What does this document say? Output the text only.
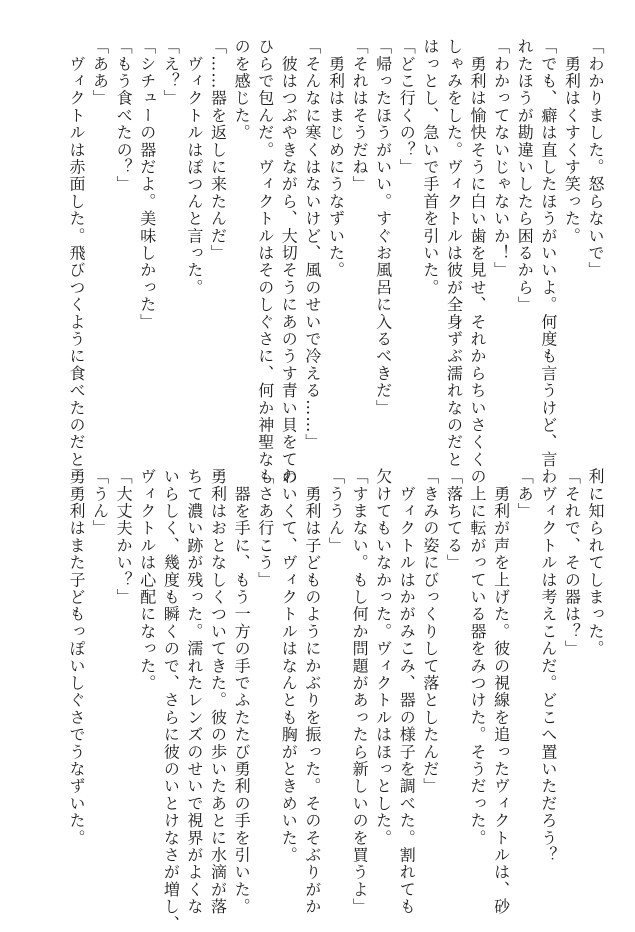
「わかりました。怒らないで」

　勇利はくすくす笑った。

「でも、癖は直したほうがいいよ。何度も言うけど、言わ

れたほうが勘違いしたら困るから」

「わかってないじゃないか！」

　勇利は愉快そうに白い歯を見せ、それからちいさくく

しゃみをした。ヴィクトルは彼が全身ずぶ濡れなのだと

はっとし、急いで手首を引いた。

「どこ行くの？」

「帰ったほうがいい。すぐお風呂に入るべきだ」

「それはそうだね」

　勇利はまじめにうなずいた。

「そんなに寒くはないけど、風のせいで冷える……」

　彼はつぶやきながら、大切そうにあのうす青い貝をての

ひらで包んだ。ヴィクトルはそのしぐさに、何か神聖なも

のを感じた。

「……器を返しに来たんだ」

　ヴィクトルはぽつんと言った。

「え？」

「シチューの器だよ。美味しかった」

「もう食べたの？」

「ああ」

　ヴィクトルは赤面した。飛びつくように食べたのだと勇

利に知られてしまった。

「それで、その器は？」

　ヴィクトルは考えこんだ。どこへ置いただろう？

「あ」

　勇利が声を上げた。彼の視線を追ったヴィクトルは、砂

の上に転がっている器をみつけた。そうだった。

「落ちてる」

「きみの姿にびっくりして落としたんだ」

　ヴィクトルはかがみこみ、器の様子を調べた。割れても

欠けてもいなかった。ヴィクトルはほっとした。

「すまない。もし何か問題があったら新しいのを買うよ」

「ううん」

　勇利は子どものようにかぶりを振った。そのそぶりがか

わいくて、ヴィクトルはなんとも胸がときめいた。

「さあ行こう」

　器を手に、もう一方の手でふたたび勇利の手を引いた。

勇利はおとなしくついてきた。彼の歩いたあとに水滴が落

ちて濃い跡が残った。濡れたレンズのせいで視界がよくな

いらしく、幾度も瞬くので、さらに彼のいとけなさが増し、

ヴィクトルは心配になった。

「大丈夫かい？」

「うん」

　勇利はまた子どもっぽいしぐさでうなずいた。
